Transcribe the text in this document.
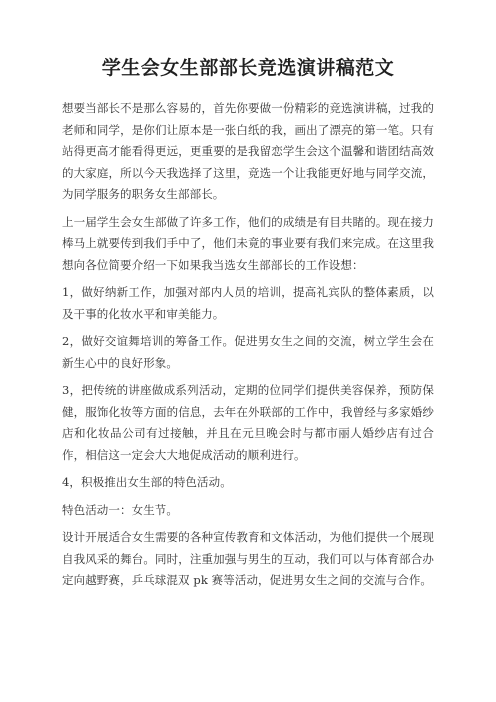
学生会女生部部长竞选演讲稿范文

想要当部长不是那么容易的，首先你要做一份精彩的竞选演讲稿，过我的老师和同学，是你们让原本是一张白纸的我，画出了漂亮的第一笔。只有站得更高才能看得更远，更重要的是我留恋学生会这个温馨和谐团结高效的大家庭，所以今天我选择了这里，竞选一个让我能更好地与同学交流，为同学服务的职务女生部部长。

上一届学生会女生部做了许多工作，他们的成绩是有目共睹的。现在接力棒马上就要传到我们手中了，他们未竟的事业要有我们来完成。在这里我想向各位简要介绍一下如果我当选女生部部长的工作设想：

1，做好纳新工作，加强对部内人员的培训，提高礼宾队的整体素质，以及干事的化妆水平和审美能力。

2，做好交谊舞培训的筹备工作。促进男女生之间的交流，树立学生会在新生心中的良好形象。

3，把传统的讲座做成系列活动，定期的位同学们提供美容保养，预防保健，服饰化妆等方面的信息，去年在外联部的工作中，我曾经与多家婚纱店和化妆品公司有过接触，并且在元旦晚会时与都市丽人婚纱店有过合作，相信这一定会大大地促成活动的顺利进行。

4，积极推出女生部的特色活动。

特色活动一：女生节。

设计开展适合女生需要的各种宣传教育和文体活动，为他们提供一个展现自我风采的舞台。同时，注重加强与男生的互动，我们可以与体育部合办定向越野赛，乒乓球混双 pk 赛等活动，促进男女生之间的交流与合作。
